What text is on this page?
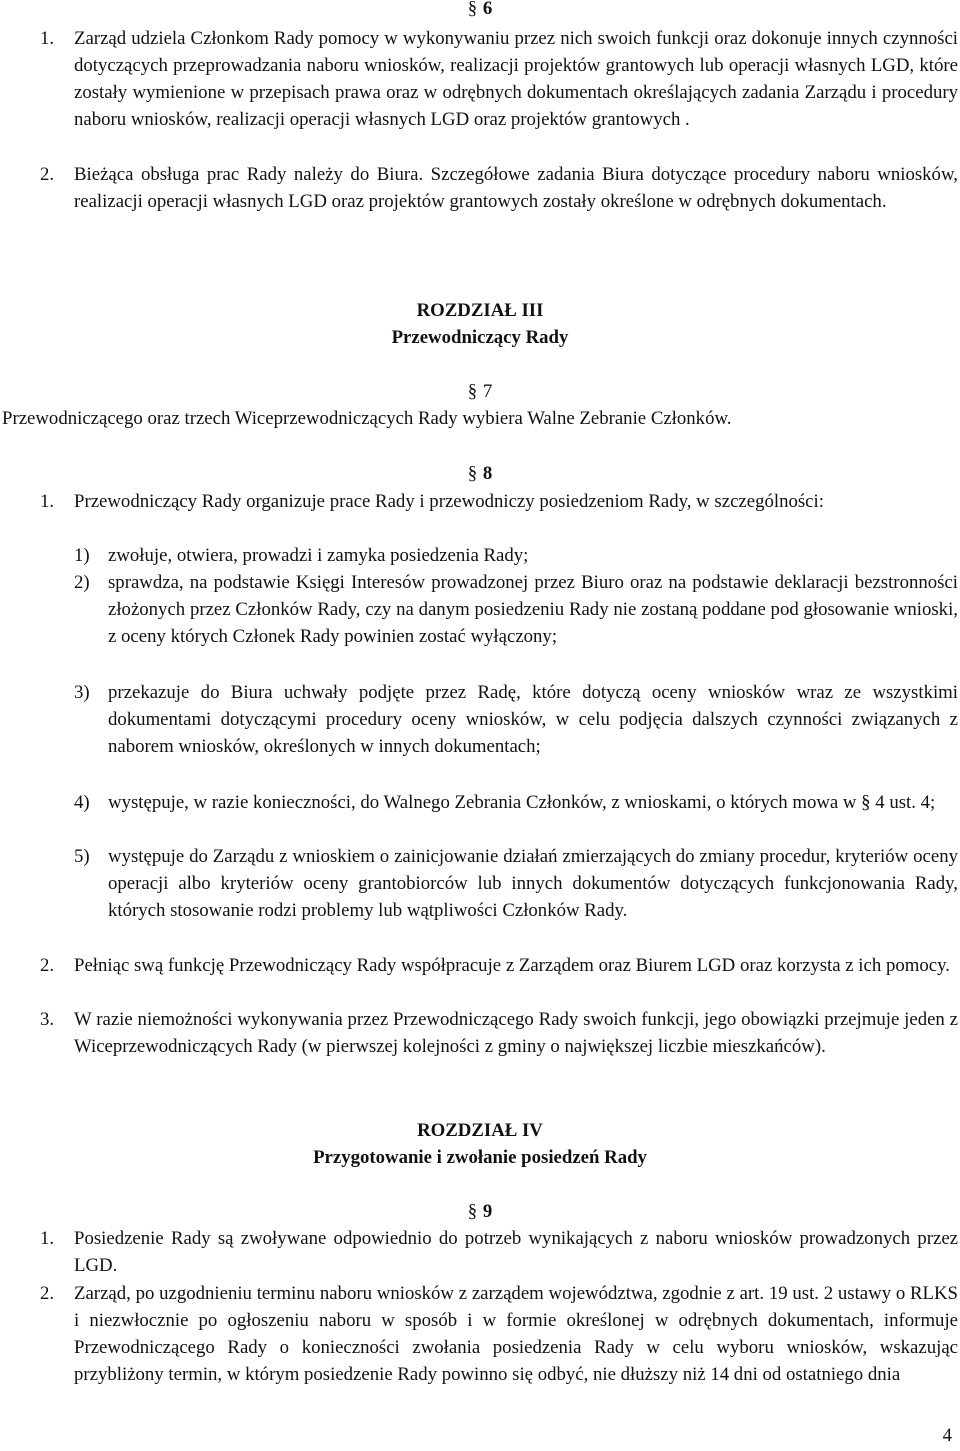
§ 6
1. Zarząd udziela Członkom Rady pomocy w wykonywaniu przez nich swoich funkcji oraz dokonuje innych czynności dotyczących przeprowadzania naboru wniosków, realizacji projektów grantowych lub operacji własnych LGD, które zostały wymienione w przepisach prawa oraz w odrębnych dokumentach określających zadania Zarządu i procedury naboru wniosków, realizacji operacji własnych LGD oraz projektów grantowych .
2. Bieżąca obsługa prac Rady należy do Biura. Szczegółowe zadania Biura dotyczące procedury naboru wniosków, realizacji operacji własnych LGD oraz projektów grantowych zostały określone w odrębnych dokumentach.
ROZDZIAŁ III
Przewodniczący Rady
§ 7
Przewodniczącego oraz trzech Wiceprzewodniczących Rady wybiera Walne Zebranie Członków.
§ 8
1. Przewodniczący Rady organizuje prace Rady i przewodniczy posiedzeniom Rady, w szczególności:
1) zwołuje, otwiera, prowadzi i zamyka posiedzenia Rady;
2) sprawdza, na podstawie Księgi Interesów prowadzonej przez Biuro oraz na podstawie deklaracji bezstronności złożonych przez Członków Rady, czy na danym posiedzeniu Rady nie zostaną poddane pod głosowanie wnioski, z oceny których Członek Rady powinien zostać wyłączony;
3) przekazuje do Biura uchwały podjęte przez Radę, które dotyczą oceny wniosków wraz ze wszystkimi dokumentami dotyczącymi procedury oceny wniosków, w celu podjęcia dalszych czynności związanych z naborem wniosków, określonych w innych dokumentach;
4) występuje, w razie konieczności, do Walnego Zebrania Członków, z wnioskami, o których mowa w § 4 ust. 4;
5) występuje do Zarządu z wnioskiem o zainicjowanie działań zmierzających do zmiany procedur, kryteriów oceny operacji albo kryteriów oceny grantobiorców lub innych dokumentów dotyczących funkcjonowania Rady, których stosowanie rodzi problemy lub wątpliwości Członków Rady.
2. Pełniąc swą funkcję Przewodniczący Rady współpracuje z Zarządem oraz Biurem LGD oraz korzysta z ich pomocy.
3. W razie niemożności wykonywania przez Przewodniczącego Rady swoich funkcji, jego obowiązki przejmuje jeden z Wiceprzewodniczących Rady (w pierwszej kolejności z gminy o największej liczbie mieszkańców).
ROZDZIAŁ IV
Przygotowanie i zwołanie posiedzeń Rady
§ 9
1. Posiedzenie Rady są zwoływane odpowiednio do potrzeb wynikających z naboru wniosków prowadzonych przez LGD.
2. Zarząd, po uzgodnieniu terminu naboru wniosków z zarządem województwa, zgodnie z art. 19 ust. 2 ustawy o RLKS i niezwłocznie po ogłoszeniu naboru w sposób i w formie określonej w odrębnych dokumentach, informuje Przewodniczącego Rady o konieczności zwołania posiedzenia Rady w celu wyboru wniosków, wskazując przybliżony termin, w którym posiedzenie Rady powinno się odbyć, nie dłuższy niż 14 dni od ostatniego dnia
4
